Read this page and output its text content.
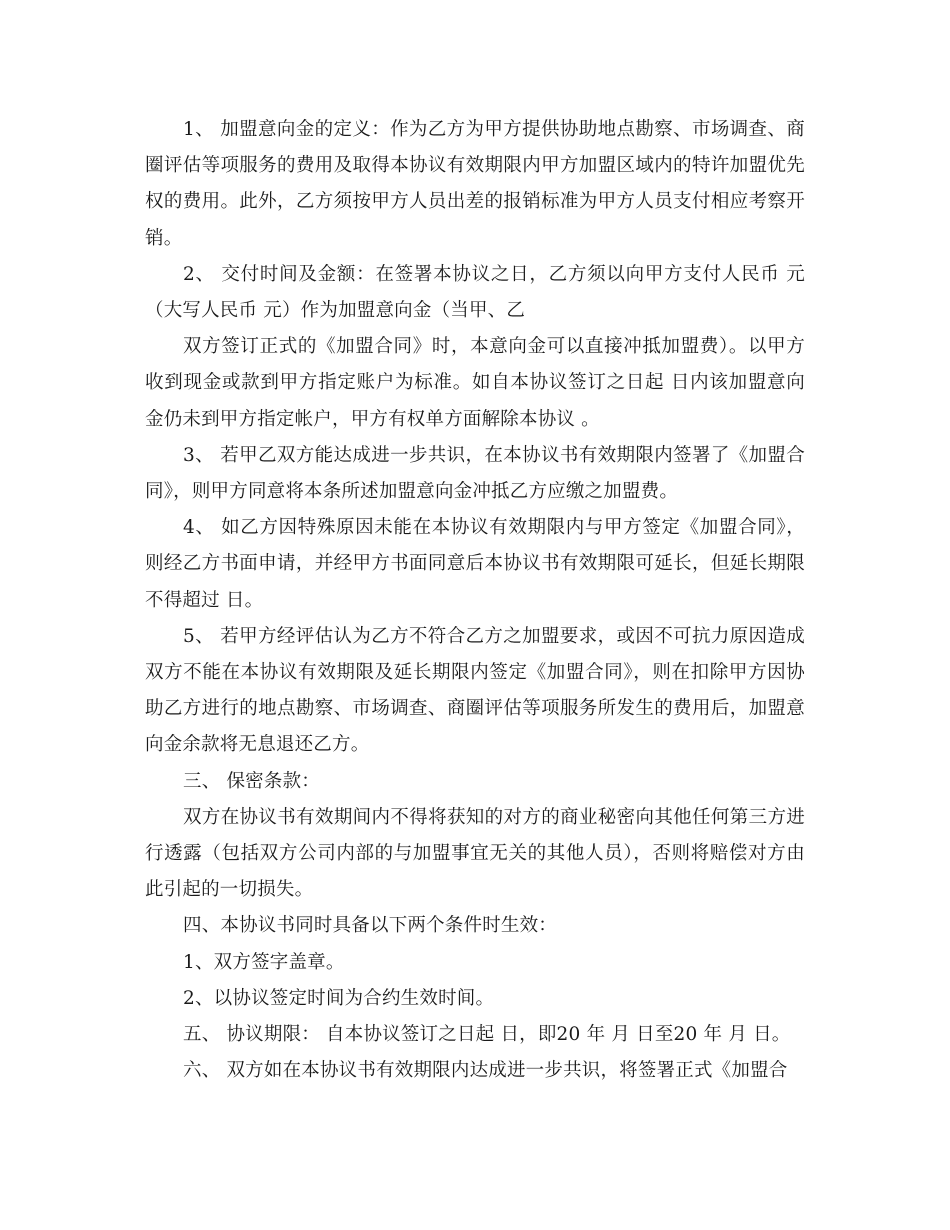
1、 加盟意向金的定义：作为乙方为甲方提供协助地点勘察、市场调查、商圈评估等项服务的费用及取得本协议有效期限内甲方加盟区域内的特许加盟优先权的费用。此外，乙方须按甲方人员出差的报销标准为甲方人员支付相应考察开销。

2、 交付时间及金额：在签署本协议之日，乙方须以向甲方支付人民币 元（大写人民币 元）作为加盟意向金（当甲、乙

双方签订正式的《加盟合同》时，本意向金可以直接冲抵加盟费）。以甲方收到现金或款到甲方指定账户为标准。如自本协议签订之日起 日内该加盟意向金仍未到甲方指定帐户，甲方有权单方面解除本协议 。

3、 若甲乙双方能达成进一步共识，在本协议书有效期限内签署了《加盟合同》，则甲方同意将本条所述加盟意向金冲抵乙方应缴之加盟费。

4、 如乙方因特殊原因未能在本协议有效期限内与甲方签定《加盟合同》，则经乙方书面申请，并经甲方书面同意后本协议书有效期限可延长，但延长期限不得超过 日。

5、 若甲方经评估认为乙方不符合乙方之加盟要求，或因不可抗力原因造成双方不能在本协议有效期限及延长期限内签定《加盟合同》，则在扣除甲方因协助乙方进行的地点勘察、市场调查、商圈评估等项服务所发生的费用后，加盟意向金余款将无息退还乙方。

三、 保密条款：

双方在协议书有效期间内不得将获知的对方的商业秘密向其他任何第三方进行透露（包括双方公司内部的与加盟事宜无关的其他人员），否则将赔偿对方由此引起的一切损失。

四、本协议书同时具备以下两个条件时生效：

1、双方签字盖章。

2、以协议签定时间为合约生效时间。

五、 协议期限： 自本协议签订之日起 日，即20 年 月 日至20 年 月 日。

六、 双方如在本协议书有效期限内达成进一步共识，将签署正式《加盟合
